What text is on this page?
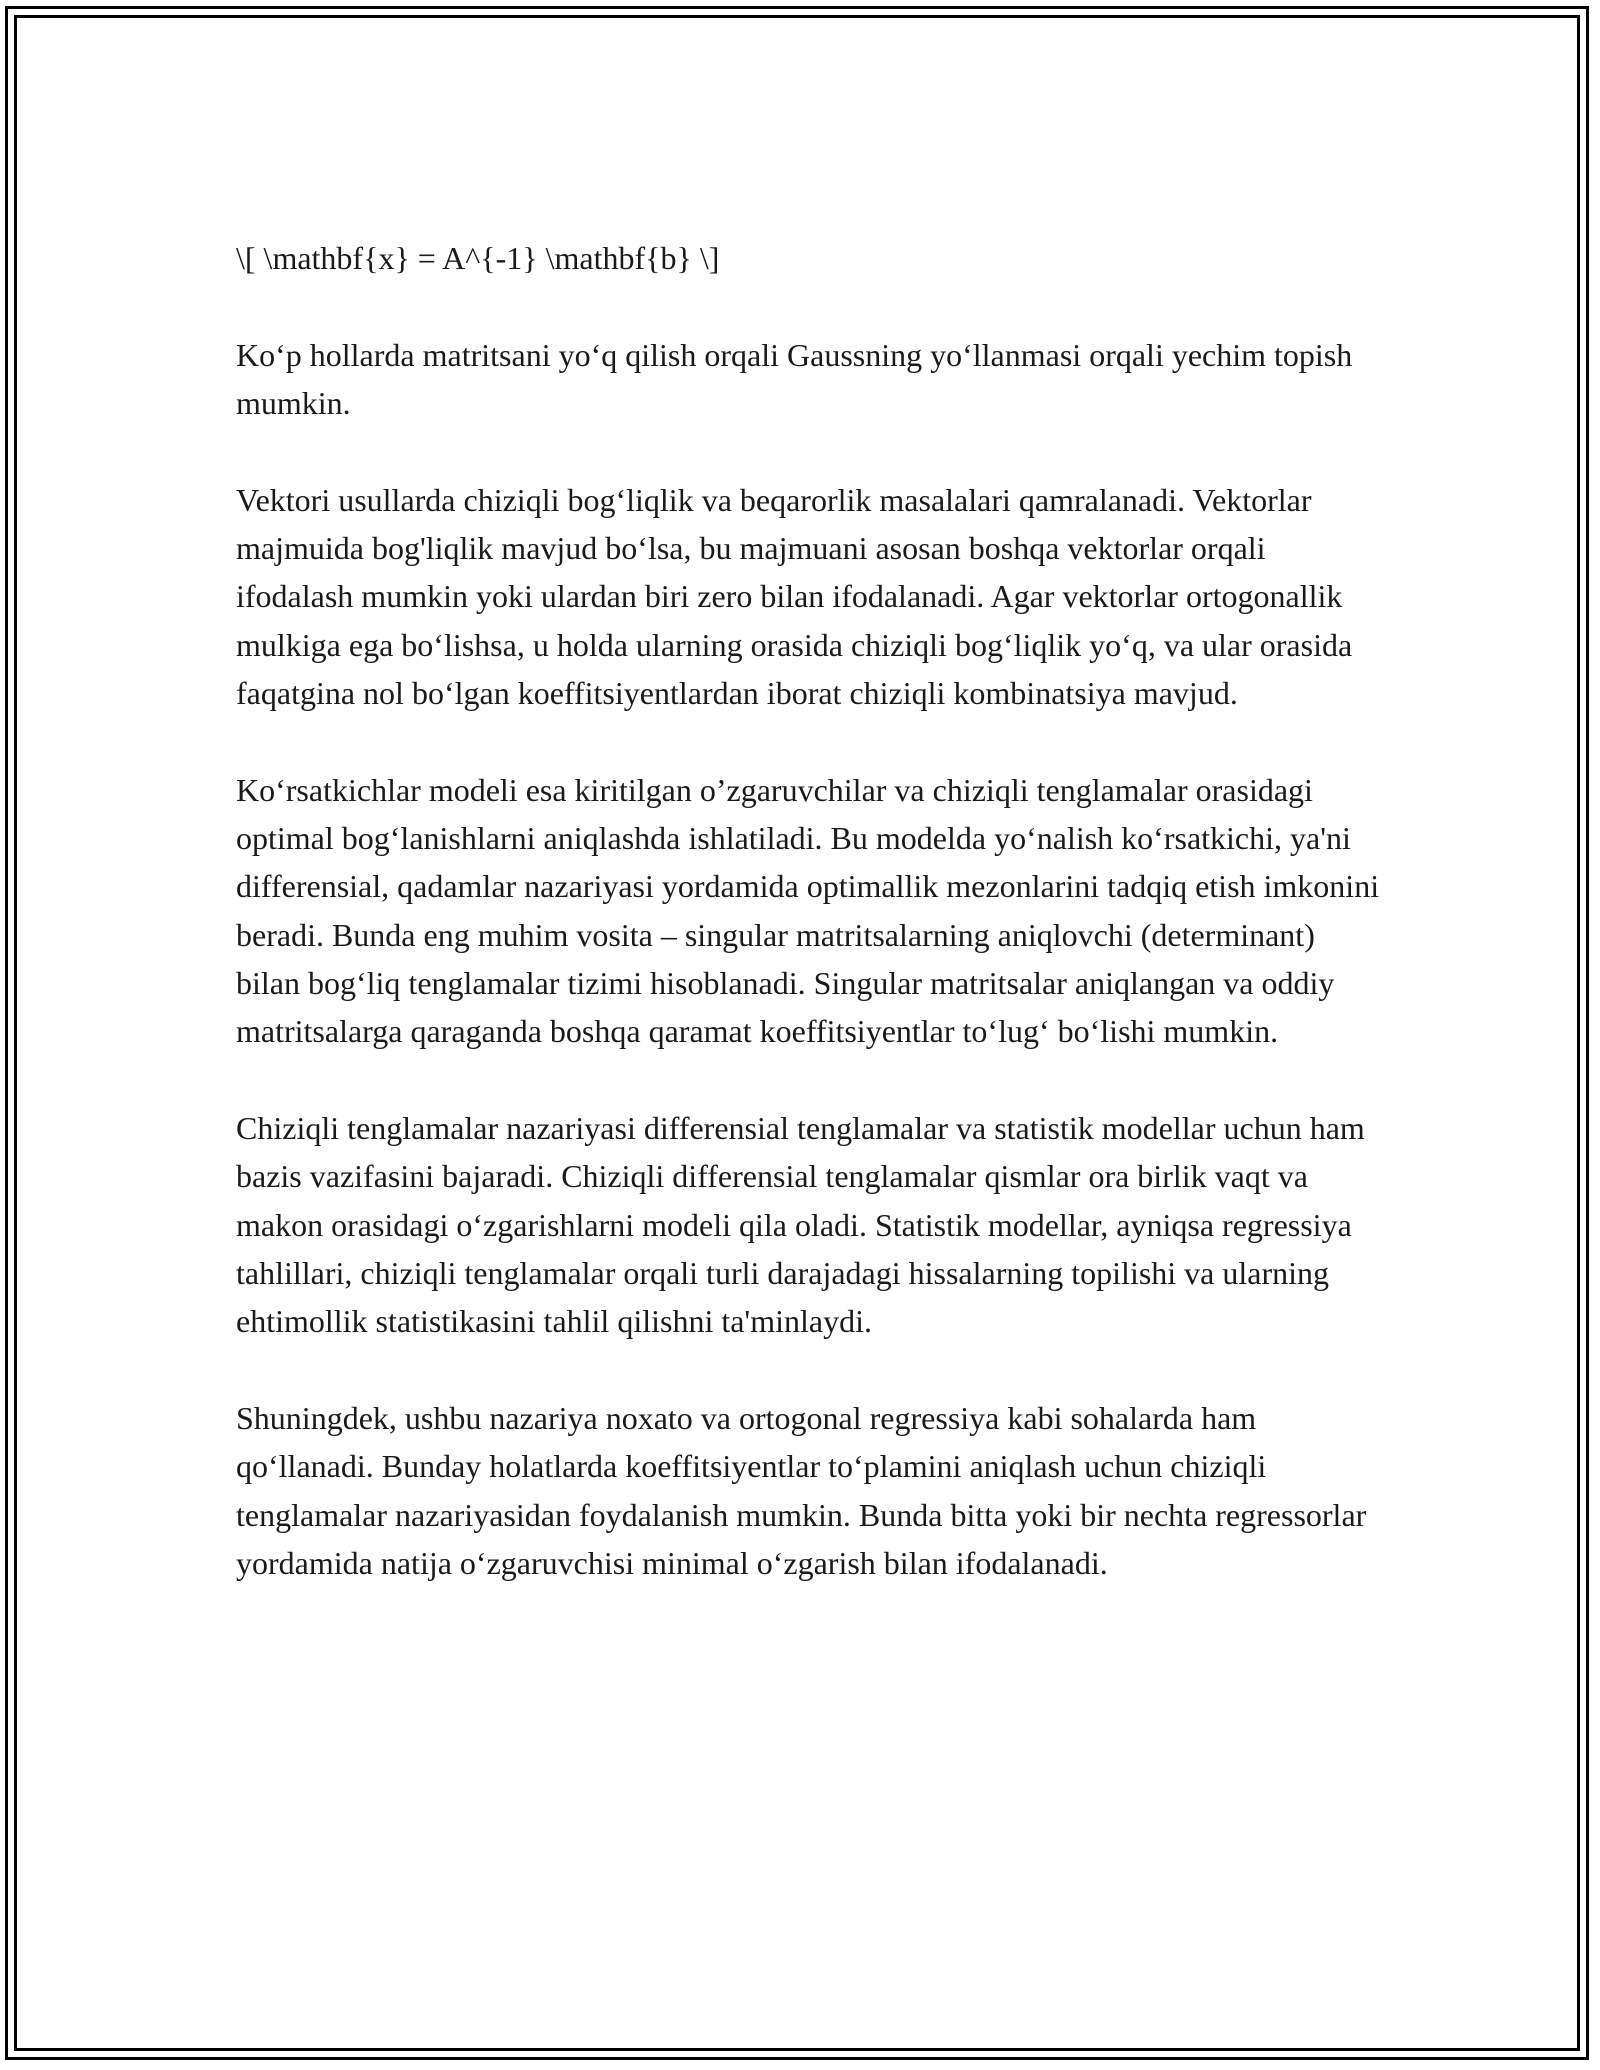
\[ \mathbf{x} = A^{-1} \mathbf{b} \]

Ko‘p hollarda matritsani yo‘q qilish orqali Gaussning yo‘llanmasi orqali yechim topish mumkin.

Vektori usullarda chiziqli bog‘liqlik va beqarorlik masalalari qamralanadi. Vektorlar majmuida bog'liqlik mavjud bo‘lsa, bu majmuani asosan boshqa vektorlar orqali ifodalash mumkin yoki ulardan biri zero bilan ifodalanadi. Agar vektorlar ortogonallik mulkiga ega bo‘lishsa, u holda ularning orasida chiziqli bog‘liqlik yo‘q, va ular orasida faqatgina nol bo‘lgan koeffitsiyentlardan iborat chiziqli kombinatsiya mavjud.

Ko‘rsatkichlar modeli esa kiritilgan o’zgaruvchilar va chiziqli tenglamalar orasidagi optimal bog‘lanishlarni aniqlashda ishlatiladi. Bu modelda yo‘nalish ko‘rsatkichi, ya'ni differensial, qadamlar nazariyasi yordamida optimallik mezonlarini tadqiq etish imkonini beradi. Bunda eng muhim vosita – singular matritsalarning aniqlovchi (determinant) bilan bog‘liq tenglamalar tizimi hisoblanadi. Singular matritsalar aniqlangan va oddiy matritsalarga qaraganda boshqa qaramat koeffitsiyentlar to‘lug‘ bo‘lishi mumkin.

Chiziqli tenglamalar nazariyasi differensial tenglamalar va statistik modellar uchun ham bazis vazifasini bajaradi. Chiziqli differensial tenglamalar qismlar ora birlik vaqt va makon orasidagi o‘zgarishlarni modeli qila oladi. Statistik modellar, ayniqsa regressiya tahlillari, chiziqli tenglamalar orqali turli darajadagi hissalarning topilishi va ularning ehtimollik statistikasini tahlil qilishni ta'minlaydi.

Shuningdek, ushbu nazariya noxato va ortogonal regressiya kabi sohalarda ham qo‘llanadi. Bunday holatlarda koeffitsiyentlar to‘plamini aniqlash uchun chiziqli tenglamalar nazariyasidan foydalanish mumkin. Bunda bitta yoki bir nechta regressorlar yordamida natija o‘zgaruvchisi minimal o‘zgarish bilan ifodalanadi.
